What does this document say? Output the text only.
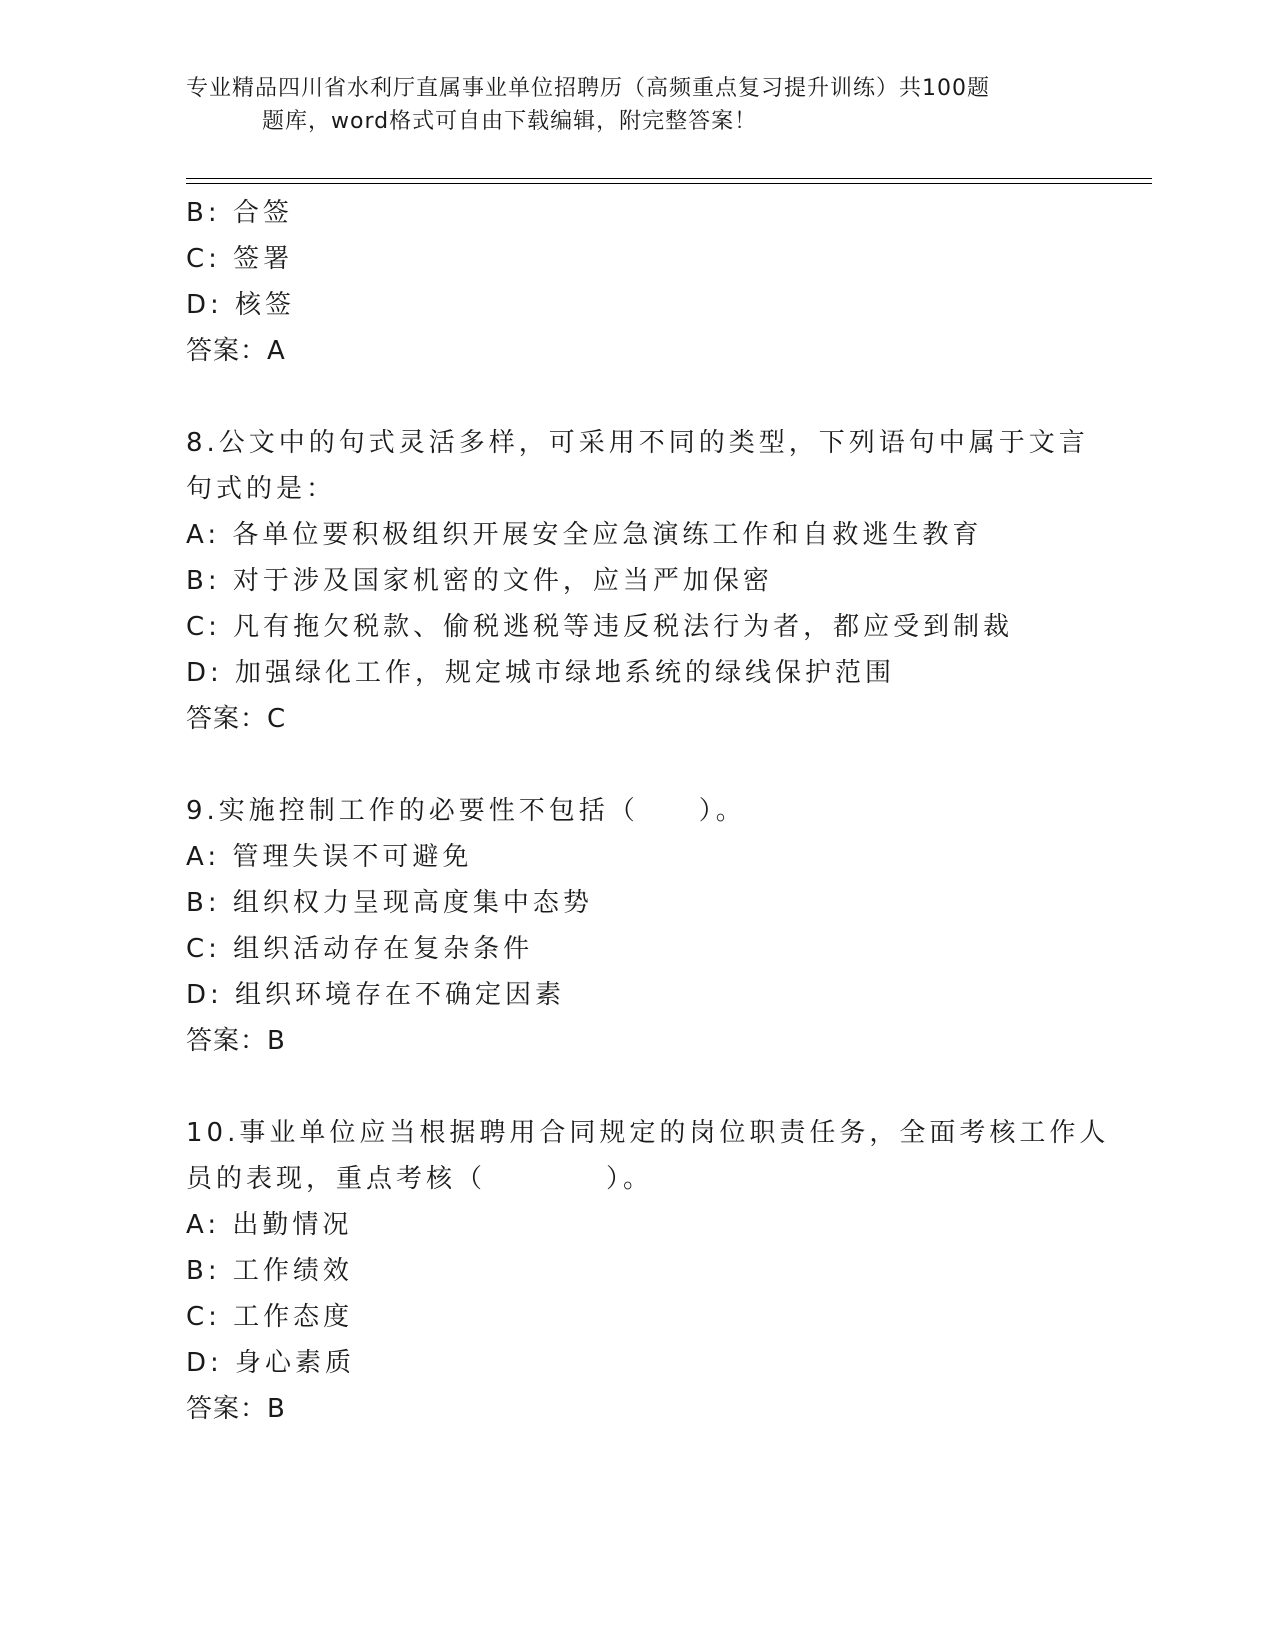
专业精品四川省水利厅直属事业单位招聘历（高频重点复习提升训练）共100题
题库，word格式可自由下载编辑，附完整答案！
B: 合签
C: 签署
D: 核签
答案：A
8.公文中的句式灵活多样，可采用不同的类型，下列语句中属于文言
句式的是：
A: 各单位要积极组织开展安全应急演练工作和自救逃生教育
B: 对于涉及国家机密的文件，应当严加保密
C: 凡有拖欠税款、偷税逃税等违反税法行为者，都应受到制裁
D: 加强绿化工作，规定城市绿地系统的绿线保护范围
答案：C
9.实施控制工作的必要性不包括（　　）。
A: 管理失误不可避免
B: 组织权力呈现高度集中态势
C: 组织活动存在复杂条件
D: 组织环境存在不确定因素
答案：B
10.事业单位应当根据聘用合同规定的岗位职责任务，全面考核工作人
员的表现，重点考核（　　　　）。
A: 出勤情况
B: 工作绩效
C: 工作态度
D: 身心素质
答案：B
